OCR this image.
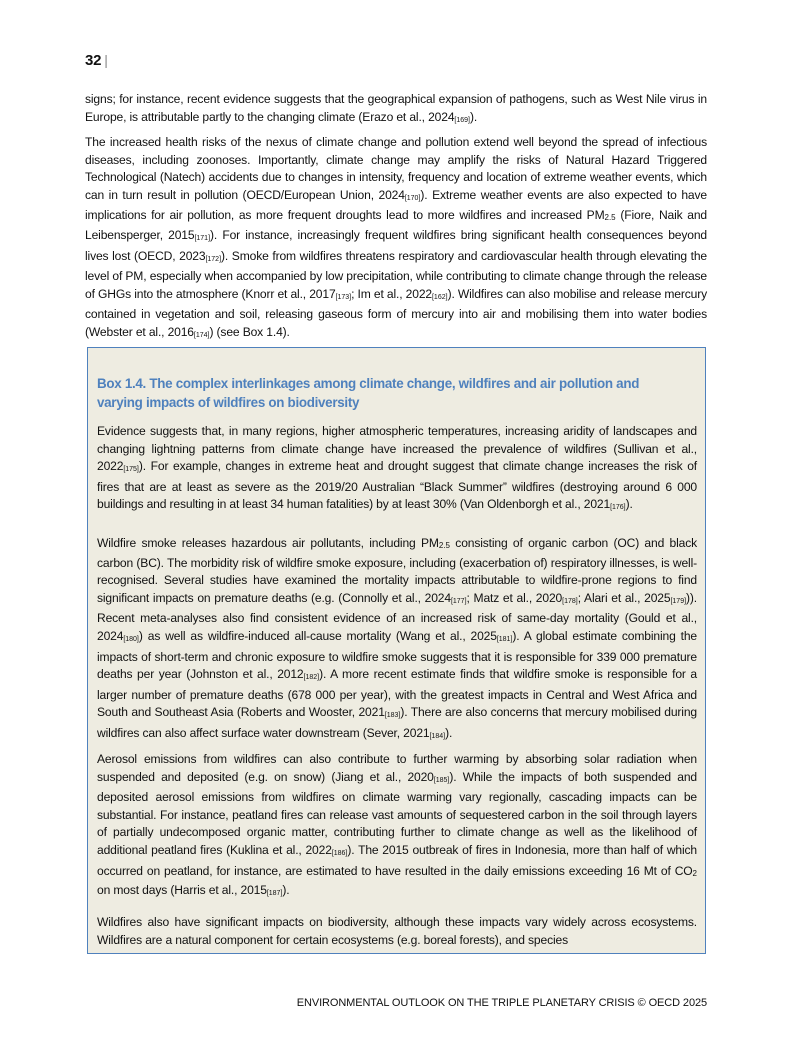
32 |

signs; for instance, recent evidence suggests that the geographical expansion of pathogens, such as West Nile virus in Europe, is attributable partly to the changing climate (Erazo et al., $2024_{[169]}$).

The increased health risks of the nexus of climate change and pollution extend well beyond the spread of infectious diseases, including zoonoses. Importantly, climate change may amplify the risks of Natural Hazard Triggered Technological (Natech) accidents due to changes in intensity, frequency and location of extreme weather events, which can in turn result in pollution (OECD/European Union, $2024_{[170]}$). Extreme weather events are also expected to have implications for air pollution, as more frequent droughts lead to more wildfires and increased $PM_{2.5}$ (Fiore, Naik and Leibensperger, $2015_{[171]}$). For instance, increasingly frequent wildfires bring significant health consequences beyond lives lost (OECD, $2023_{[172]}$). Smoke from wildfires threatens respiratory and cardiovascular health through elevating the level of PM, especially when accompanied by low precipitation, while contributing to climate change through the release of GHGs into the atmosphere (Knorr et al., $2017_{[173]}$; Im et al., $2022_{[162]}$). Wildfires can also mobilise and release mercury contained in vegetation and soil, releasing gaseous form of mercury into air and mobilising them into water bodies (Webster et al., $2016_{[174]}$) (see Box 1.4).

Box 1.4. The complex interlinkages among climate change, wildfires and air pollution and varying impacts of wildfires on biodiversity

Evidence suggests that, in many regions, higher atmospheric temperatures, increasing aridity of landscapes and changing lightning patterns from climate change have increased the prevalence of wildfires (Sullivan et al., $2022_{[175]}$). For example, changes in extreme heat and drought suggest that climate change increases the risk of fires that are at least as severe as the 2019/20 Australian “Black Summer” wildfires (destroying around 6 000 buildings and resulting in at least 34 human fatalities) by at least 30% (Van Oldenborgh et al., $2021_{[176]}$).

Wildfire smoke releases hazardous air pollutants, including $PM_{2.5}$ consisting of organic carbon (OC) and black carbon (BC). The morbidity risk of wildfire smoke exposure, including (exacerbation of) respiratory illnesses, is well-recognised. Several studies have examined the mortality impacts attributable to wildfire-prone regions to find significant impacts on premature deaths (e.g. (Connolly et al., $2024_{[177]}$; Matz et al., $2020_{[178]}$; Alari et al., $2025_{[179]}$)). Recent meta-analyses also find consistent evidence of an increased risk of same-day mortality (Gould et al., $2024_{[180]}$) as well as wildfire-induced all-cause mortality (Wang et al., $2025_{[181]}$). A global estimate combining the impacts of short-term and chronic exposure to wildfire smoke suggests that it is responsible for 339 000 premature deaths per year (Johnston et al., $2012_{[182]}$). A more recent estimate finds that wildfire smoke is responsible for a larger number of premature deaths (678 000 per year), with the greatest impacts in Central and West Africa and South and Southeast Asia (Roberts and Wooster, $2021_{[183]}$). There are also concerns that mercury mobilised during wildfires can also affect surface water downstream (Sever, $2021_{[184]}$).

Aerosol emissions from wildfires can also contribute to further warming by absorbing solar radiation when suspended and deposited (e.g. on snow) (Jiang et al., $2020_{[185]}$). While the impacts of both suspended and deposited aerosol emissions from wildfires on climate warming vary regionally, cascading impacts can be substantial. For instance, peatland fires can release vast amounts of sequestered carbon in the soil through layers of partially undecomposed organic matter, contributing further to climate change as well as the likelihood of additional peatland fires (Kuklina et al., $2022_{[186]}$). The 2015 outbreak of fires in Indonesia, more than half of which occurred on peatland, for instance, are estimated to have resulted in the daily emissions exceeding 16 Mt of $CO_2$ on most days (Harris et al., $2015_{[187]}$).

Wildfires also have significant impacts on biodiversity, although these impacts vary widely across ecosystems. Wildfires are a natural component for certain ecosystems (e.g. boreal forests), and species

ENVIRONMENTAL OUTLOOK ON THE TRIPLE PLANETARY CRISIS © OECD 2025
